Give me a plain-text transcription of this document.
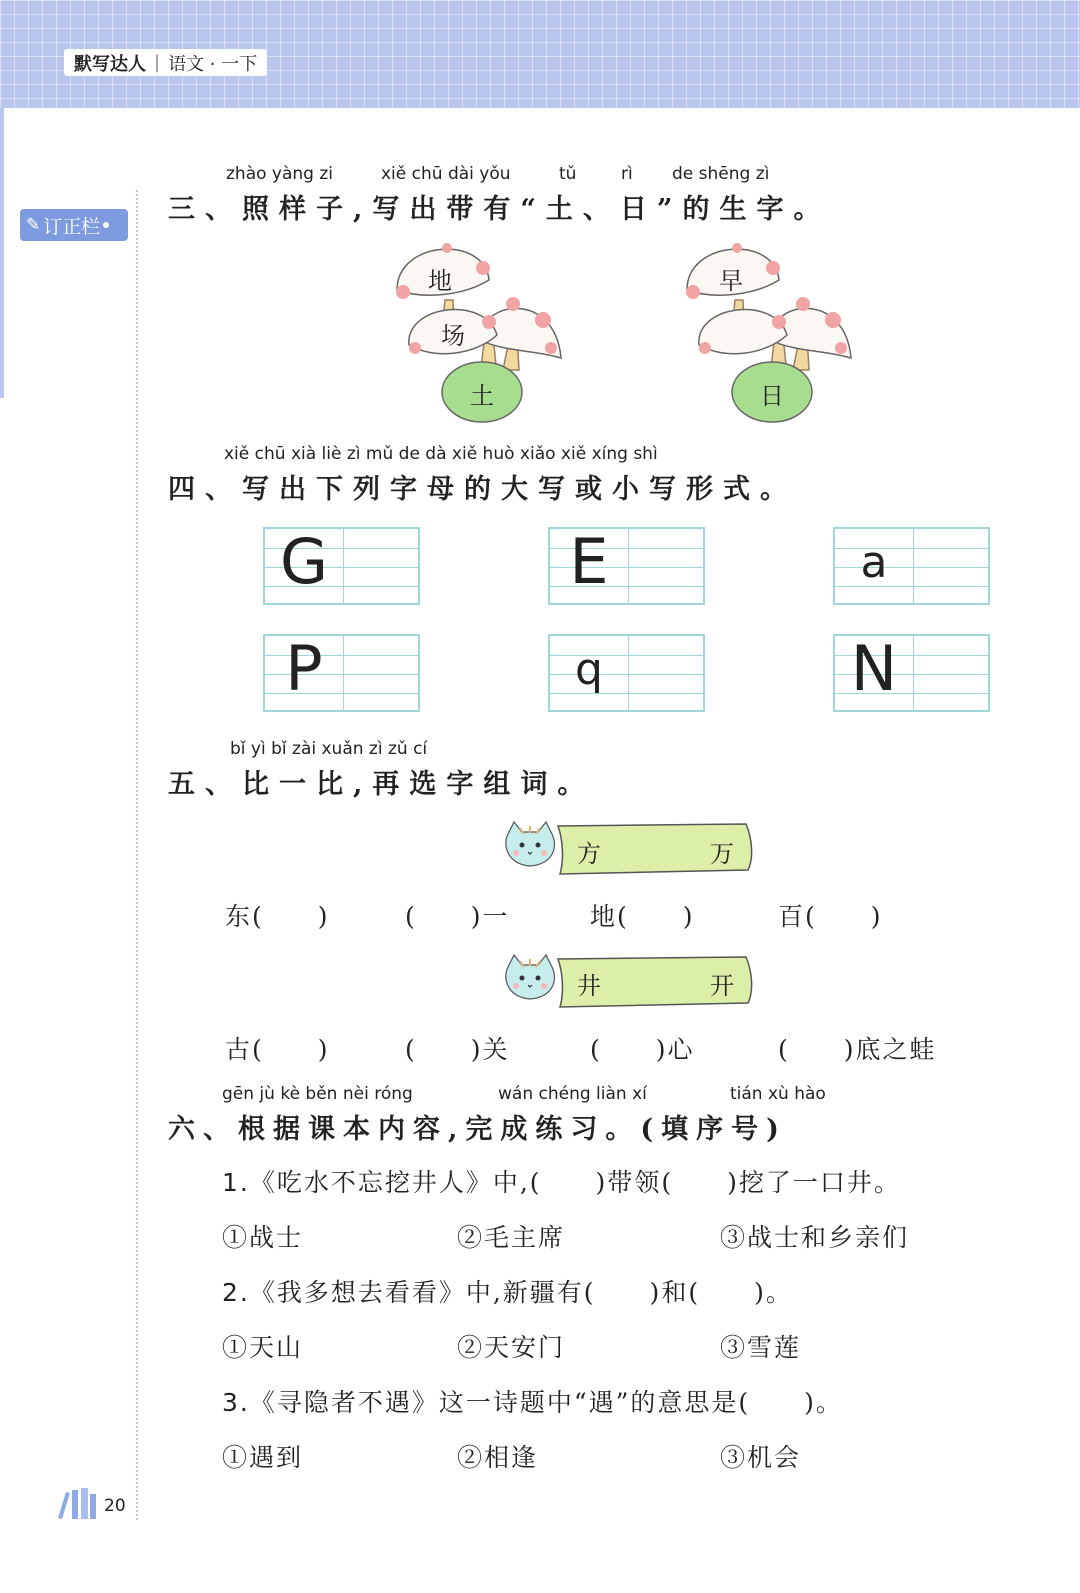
默写达人 | 语文 · 一下
✎ 订正栏
zhào yàng zi	xiě chū dài yǒu	tǔ	rì de shēng zì
三、照样子,写出带有“土、日”的生字。
地
场
土
早
日
xiě chū xià liè zì mǔ de dà xiě huò xiǎo xiě xíng shì
四、写出下列字母的大写或小写形式。
G	E	a
P	q	N
bǐ yì bǐ zài xuǎn zì zǔ cí
五、比一比,再选字组词。
方	万
东(　　)	(　　)一	地(　　)	百(　　)
井	开
古(　　)	(　　)关	(　　)心	(　　)底之蛙
gēn jù kè běn nèi róng	wán chéng liàn xí	tián xù hào
六、根据课本内容,完成练习。(填序号)
1.《吃水不忘挖井人》中,(　　)带领(　　)挖了一口井。
①战士	②毛主席	③战士和乡亲们
2.《我多想去看看》中,新疆有(　　)和(　　)。
①天山	②天安门	③雪莲
3.《寻隐者不遇》这一诗题中“遇”的意思是(　　)。
①遇到	②相逢	③机会
20
